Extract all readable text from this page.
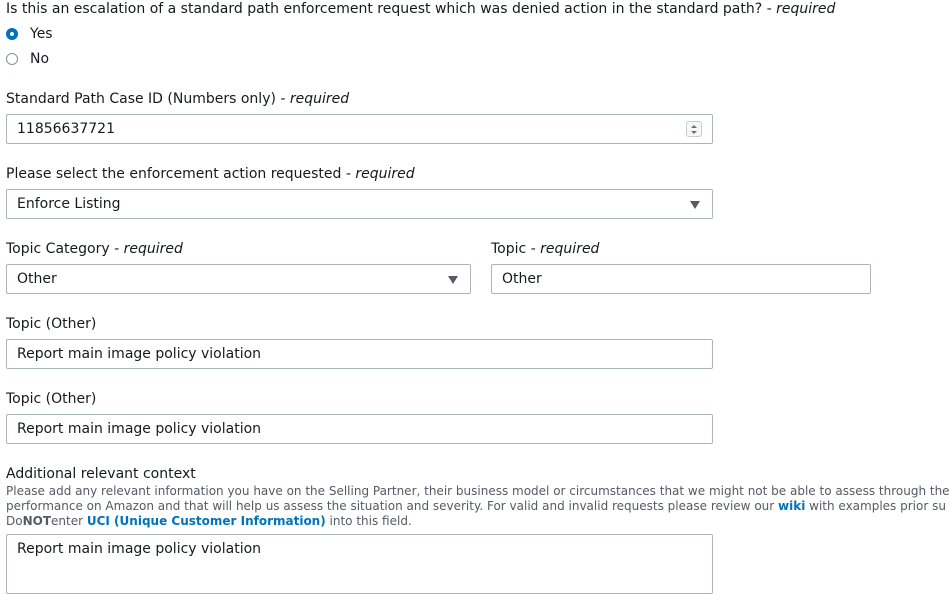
Is this an escalation of a standard path enforcement request which was denied action in the standard path? - required
Yes
No
Standard Path Case ID (Numbers only) - required
11856637721
Please select the enforcement action requested - required
Enforce Listing
Topic Category - required
Other
Topic - required
Other
Topic (Other)
Report main image policy violation
Topic (Other)
Report main image policy violation
Additional relevant context
Please add any relevant information you have on the Selling Partner, their business model or circumstances that we might not be able to assess through the
performance on Amazon and that will help us assess the situation and severity. For valid and invalid requests please review our wiki with examples prior su
DoNOTenter UCI (Unique Customer Information) into this field.
Report main image policy violation
